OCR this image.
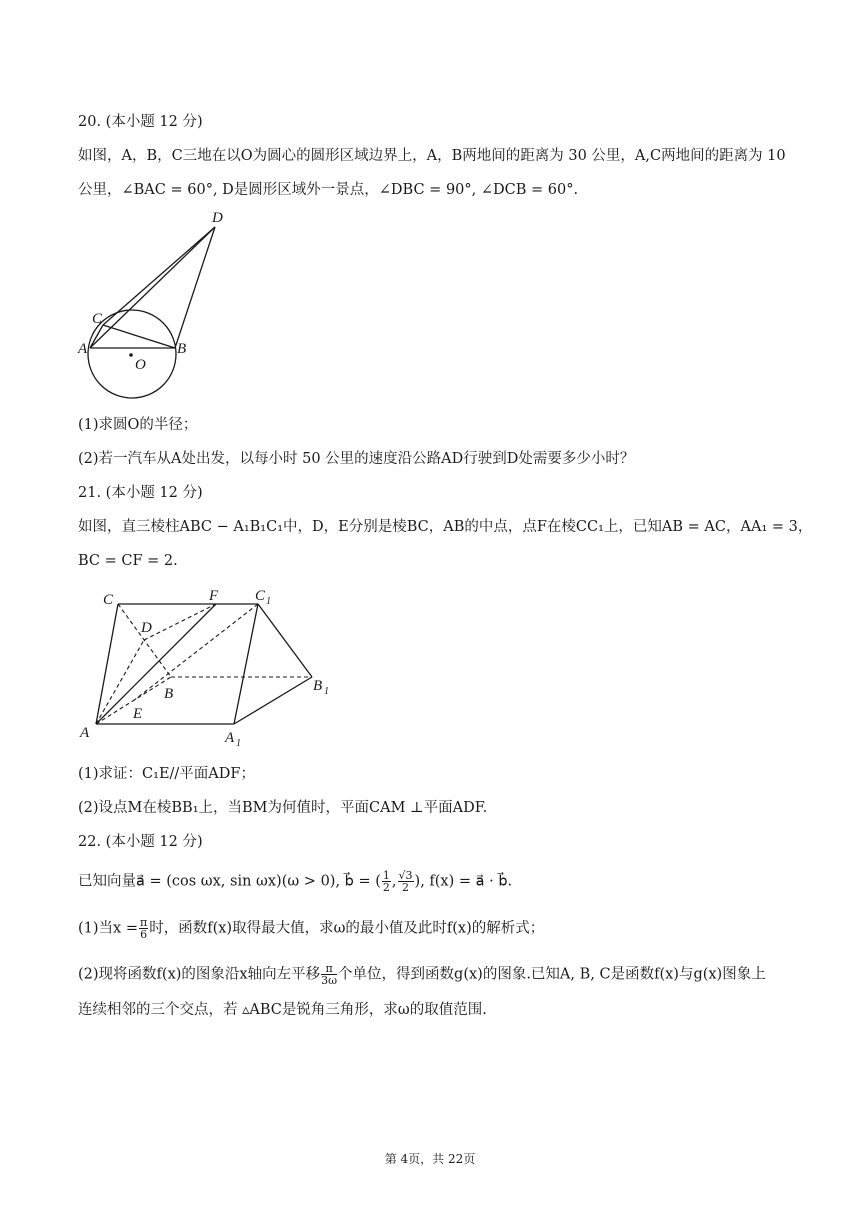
20. (本小题 12 分)
如图，A，B，C三地在以O为圆心的圆形区域边界上，A，B两地间的距离为 30 公里，A,C两地间的距离为 10
公里，∠BAC = 60°, D是圆形区域外一景点，∠DBC = 90°, ∠DCB = 60°.
D
C
A	B
O
(1)求圆O的半径；
(2)若一汽车从A处出发，以每小时 50 公里的速度沿公路AD行驶到D处需要多少小时？
21. (本小题 12 分)
如图，直三棱柱ABC − A₁B₁C₁中，D，E分别是棱BC，AB的中点，点F在棱CC₁上，已知AB = AC，AA₁ = 3，
BC = CF = 2.
C	F C 1
D
B	B 1
E
A	A 1
(1)求证：C₁E//平面ADF；
(2)设点M在棱BB₁上，当BM为何值时，平面CAM ⊥平面ADF.
22. (本小题 12 分)
已知向量a⃗ = (cos ωx, sin ωx)(ω > 0), b⃗ = ( $\frac{1}{2}$ , $\frac{√3}{2}$ ), f(x) = a⃗ · b⃗.
(1)当$x = \frac{\pi}{6}$ 时，函数f(x)取得最大值，求ω的最小值及此时f(x)的解析式；
(2)现将函数f(x)的图象沿x轴向左平移 $\frac{\pi}{3\omega}$ 个单位，得到函数g(x)的图象.已知A, B, C是函数f(x)与g(x)图象上
连续相邻的三个交点，若 ▵ABC是锐角三角形，求ω的取值范围.
第 4页，共 22页
